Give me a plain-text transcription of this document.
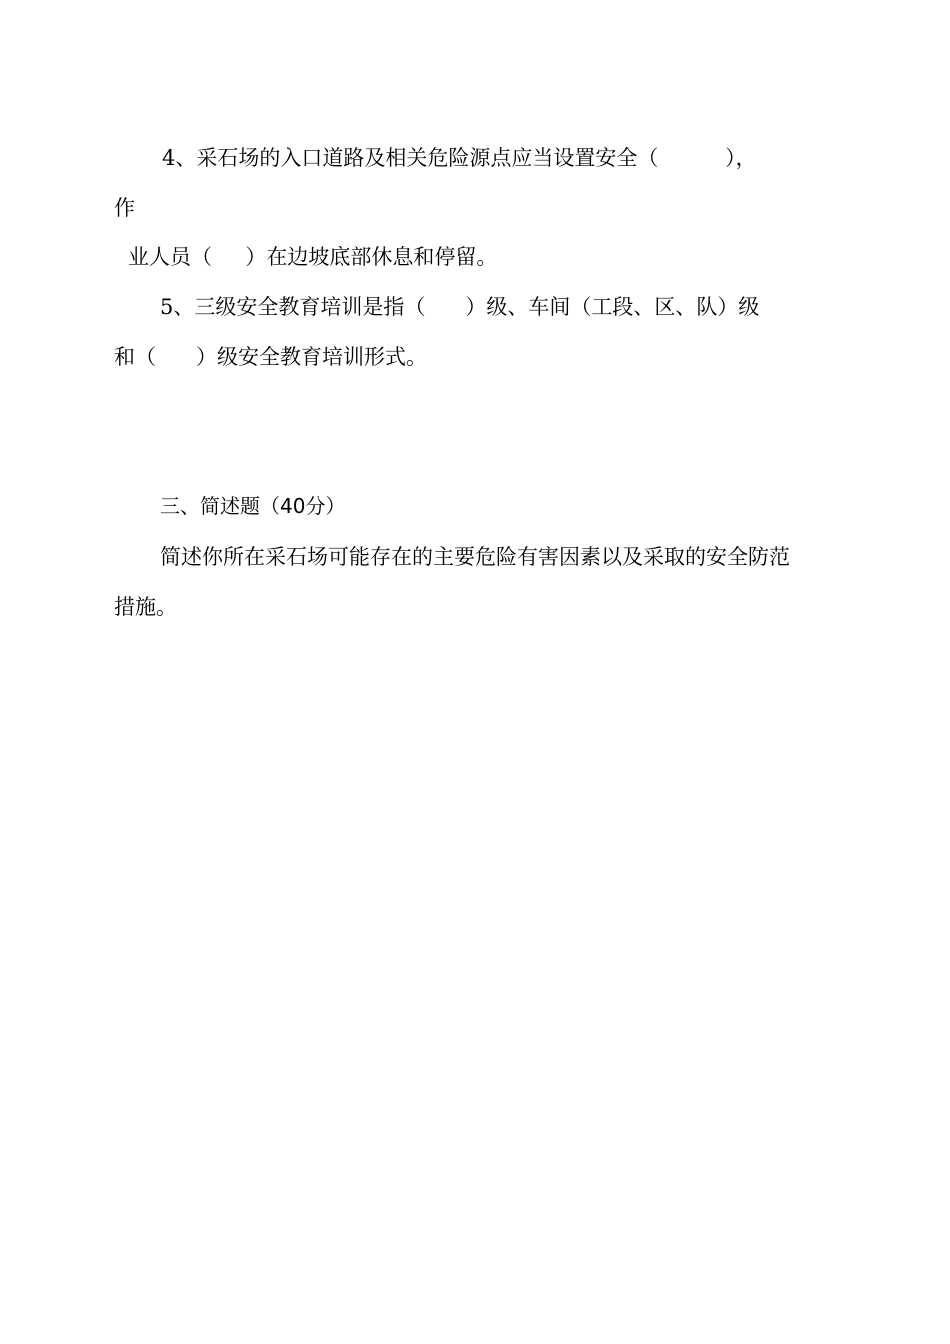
4、采石场的入口道路及相关危险源点应当设置安全（          ），
作
业人员（     ）在边坡底部休息和停留。
5、三级安全教育培训是指（      ）级、车间（工段、区、队）级
和（      ）级安全教育培训形式。
三、简述题（40分）
简述你所在采石场可能存在的主要危险有害因素以及采取的安全防范
措施。
